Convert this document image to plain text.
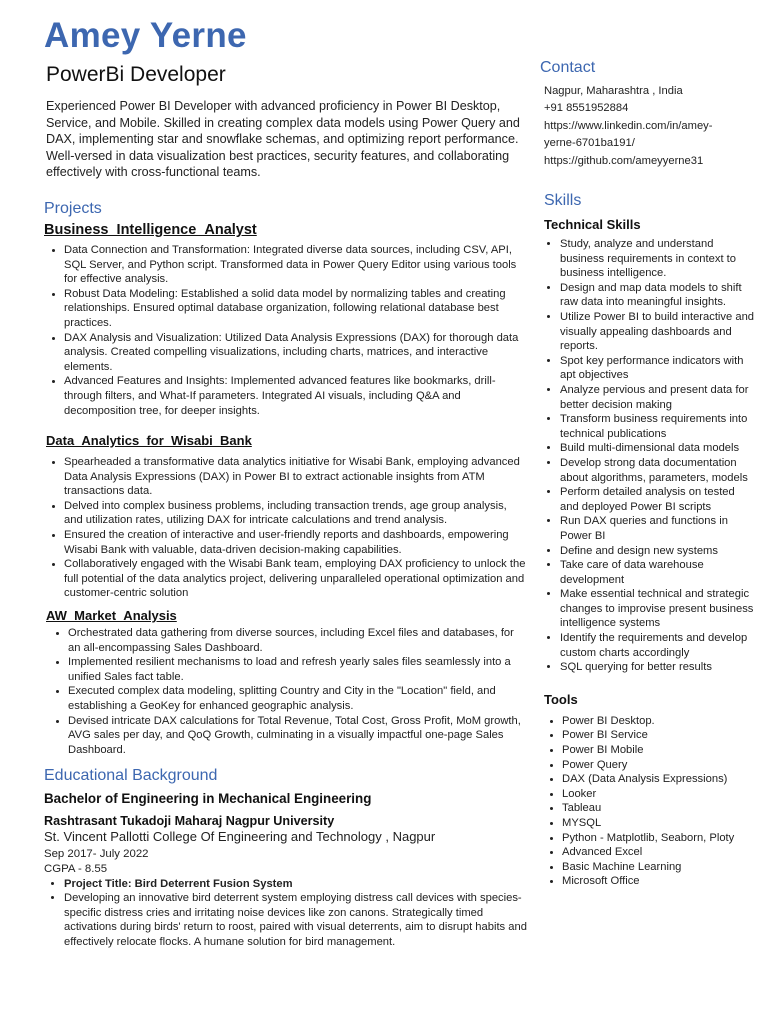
Amey Yerne
PowerBi Developer

Experienced Power BI Developer with advanced proficiency in Power BI Desktop, Service, and Mobile. Skilled in creating complex data models using Power Query and DAX, implementing star and snowflake schemas, and optimizing report performance. Well-versed in data visualization best practices, security features, and collaborating effectively with cross-functional teams.

Projects
Business_Intelligence_Analyst
• Data Connection and Transformation: Integrated diverse data sources, including CSV, API, SQL Server, and Python script. Transformed data in Power Query Editor using various tools for effective analysis.
• Robust Data Modeling: Established a solid data model by normalizing tables and creating relationships. Ensured optimal database organization, following relational database best practices.
• DAX Analysis and Visualization: Utilized Data Analysis Expressions (DAX) for thorough data analysis. Created compelling visualizations, including charts, matrices, and interactive elements.
• Advanced Features and Insights: Implemented advanced features like bookmarks, drill-through filters, and What-If parameters. Integrated AI visuals, including Q&A and decomposition tree, for deeper insights.
Data_Analytics_for_Wisabi_Bank
• Spearheaded a transformative data analytics initiative for Wisabi Bank, employing advanced Data Analysis Expressions (DAX) in Power BI to extract actionable insights from ATM transactions data.
• Delved into complex business problems, including transaction trends, age group analysis, and utilization rates, utilizing DAX for intricate calculations and trend analysis.
• Ensured the creation of interactive and user-friendly reports and dashboards, empowering Wisabi Bank with valuable, data-driven decision-making capabilities.
• Collaboratively engaged with the Wisabi Bank team, employing DAX proficiency to unlock the full potential of the data analytics project, delivering unparalleled operational optimization and customer-centric solution
AW_Market_Analysis
• Orchestrated data gathering from diverse sources, including Excel files and databases, for an all-encompassing Sales Dashboard.
• Implemented resilient mechanisms to load and refresh yearly sales files seamlessly into a unified Sales fact table.
• Executed complex data modeling, splitting Country and City in the "Location" field, and establishing a GeoKey for enhanced geographic analysis.
• Devised intricate DAX calculations for Total Revenue, Total Cost, Gross Profit, MoM growth, AVG sales per day, and QoQ Growth, culminating in a visually impactful one-page Sales Dashboard.
Educational Background
Bachelor of Engineering in Mechanical Engineering
Rashtrasant Tukadoji Maharaj Nagpur University
St. Vincent Pallotti College Of Engineering and Technology , Nagpur
Sep 2017- July 2022
CGPA - 8.55
• Project Title: Bird Deterrent Fusion System
• Developing an innovative bird deterrent system employing distress call devices with species-specific distress cries and irritating noise devices like zon canons. Strategically timed activations during birds' return to roost, paired with visual deterrents, aim to disrupt habits and effectively relocate flocks. A humane solution for bird management.
Contact
Nagpur, Maharashtra , India
+91 8551952884
https://www.linkedin.com/in/amey-
yerne-6701ba191/
https://github.com/ameyyerne31
Skills
Technical Skills
• Study, analyze and understand business requirements in context to business intelligence.
• Design and map data models to shift raw data into meaningful insights.
• Utilize Power BI to build interactive and visually appealing dashboards and reports.
• Spot key performance indicators with apt objectives
• Analyze pervious and present data for better decision making
• Transform business requirements into technical publications
• Build multi-dimensional data models
• Develop strong data documentation about algorithms, parameters, models
• Perform detailed analysis on tested and deployed Power BI scripts
• Run DAX queries and functions in Power BI
• Define and design new systems
• Take care of data warehouse development
• Make essential technical and strategic changes to improvise present business intelligence systems
• Identify the requirements and develop custom charts accordingly
• SQL querying for better results
Tools
• Power BI Desktop.
• Power BI Service
• Power BI Mobile
• Power Query
• DAX (Data Analysis Expressions)
• Looker
• Tableau
• MYSQL
• Python - Matplotlib, Seaborn, Ploty
• Advanced Excel
• Basic Machine Learning
• Microsoft Office
